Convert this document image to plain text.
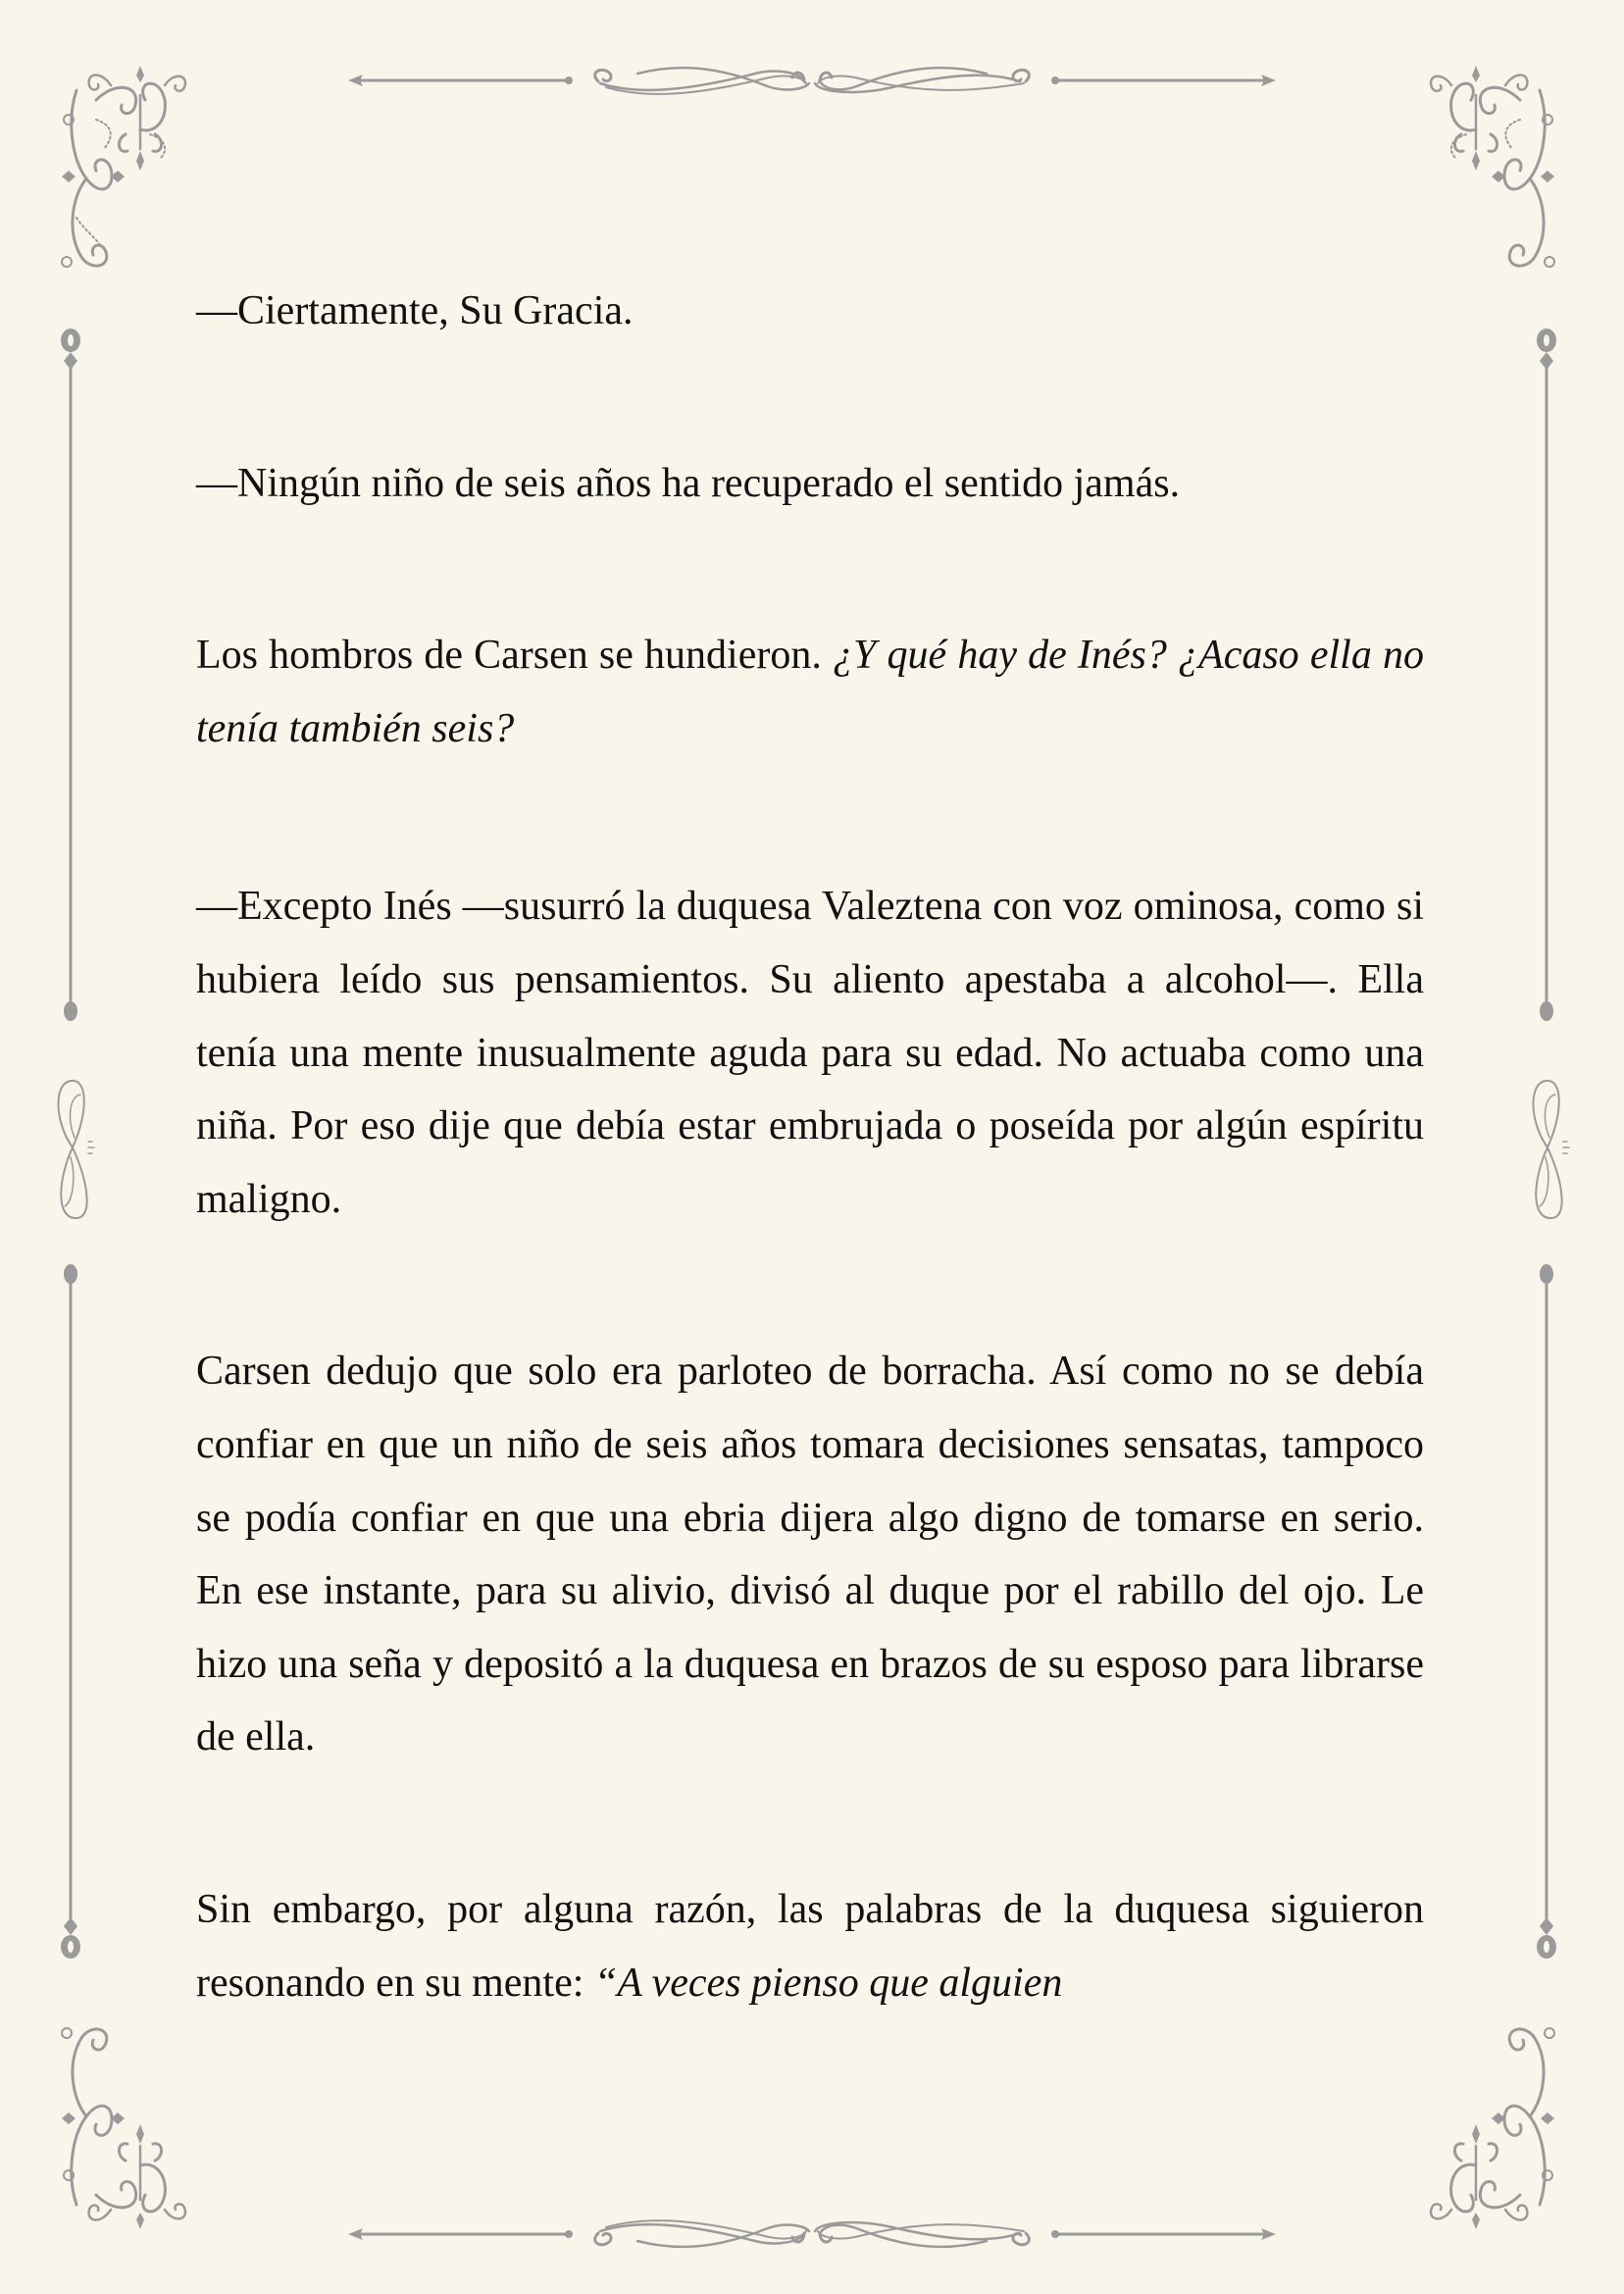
—Ciertamente, Su Gracia.

—Ningún niño de seis años ha recuperado el sentido jamás.

Los hombros de Carsen se hundieron. ¿Y qué hay de Inés? ¿Acaso ella no tenía también seis?

—Excepto Inés —susurró la duquesa Valeztena con voz ominosa, como si hubiera leído sus pensamientos. Su aliento apestaba a alcohol—. Ella tenía una mente inusualmente aguda para su edad. No actuaba como una niña. Por eso dije que debía estar embrujada o poseída por algún espíritu maligno.

Carsen dedujo que solo era parloteo de borracha. Así como no se debía confiar en que un niño de seis años tomara decisiones sensatas, tampoco se podía confiar en que una ebria dijera algo digno de tomarse en serio. En ese instante, para su alivio, divisó al duque por el rabillo del ojo. Le hizo una seña y depositó a la duquesa en brazos de su esposo para librarse de ella.

Sin embargo, por alguna razón, las palabras de la duquesa siguieron resonando en su mente: “A veces pienso que alguien
